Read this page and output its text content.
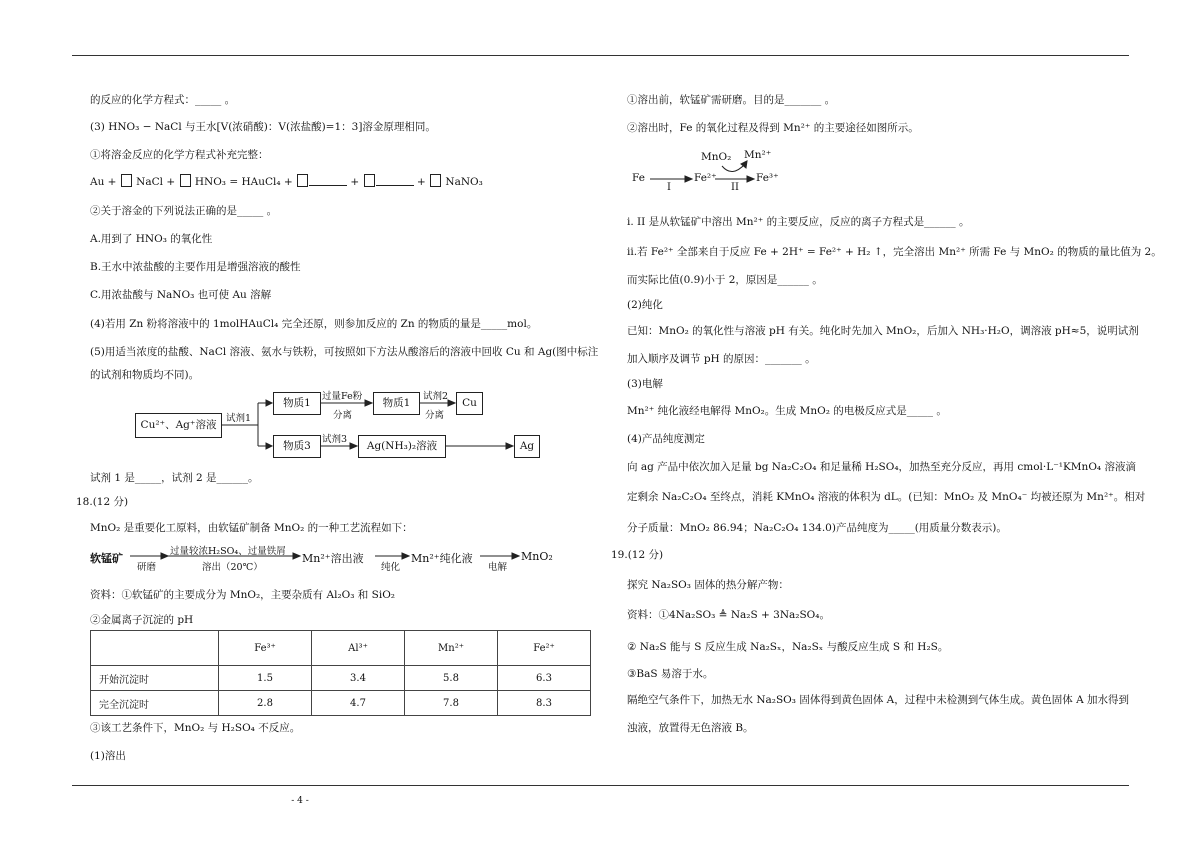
的反应的化学方程式：_____ 。
(3) HNO₃ − NaCl 与王水[V(浓硝酸)：V(浓盐酸)=1：3]溶金原理相同。
①将溶金反应的化学方程式补充完整：
Au + NaCl + HNO₃ = HAuCl₄ +	+	+ NaNO₃
②关于溶金的下列说法正确的是_____ 。
A.用到了 HNO₃ 的氧化性
B.王水中浓盐酸的主要作用是增强溶液的酸性
C.用浓盐酸与 NaNO₃ 也可使 Au 溶解
(4)若用 Zn 粉将溶液中的 1molHAuCl₄ 完全还原，则参加反应的 Zn 的物质的量是_____mol。
(5)用适当浓度的盐酸、NaCl 溶液、氨水与铁粉，可按照如下方法从酸溶后的溶液中回收 Cu 和 Ag(图中标注
的试剂和物质均不同)。
Cu²⁺、Ag⁺溶液
试剂1
物质1
过量Fe粉
分离
物质1
试剂2
分离
Cu
物质3
试剂3
Ag(NH₃)₂溶液	Ag
试剂 1 是_____，试剂 2 是______。
18.(12 分)
MnO₂ 是重要化工原料，由软锰矿制备 MnO₂ 的一种工艺流程如下：
软锰矿
研磨
过量较浓H₂SO₄、过量铁屑
溶出（20℃）
Mn²⁺溶出液
纯化
Mn²⁺纯化液
电解
MnO₂
资料：①软锰矿的主要成分为 MnO₂，主要杂质有 Al₂O₃ 和 SiO₂
②金属离子沉淀的 pH
	Fe³⁺	Al³⁺	Mn²⁺	Fe²⁺
开始沉淀时	1.5	3.4	5.8	6.3
完全沉淀时	2.8	4.7	7.8	8.3
③该工艺条件下，MnO₂ 与 H₂SO₄ 不反应。
(1)溶出
①溶出前，软锰矿需研磨。目的是_______ 。
②溶出时，Fe 的氧化过程及得到 Mn²⁺ 的主要途径如图所示。
MnO₂ Mn²⁺
Fe	Fe²⁺	Fe³⁺
I	II
i. II 是从软锰矿中溶出 Mn²⁺ 的主要反应，反应的离子方程式是______ 。
ii.若 Fe²⁺ 全部来自于反应 Fe + 2H⁺ = Fe²⁺ + H₂ ↑，完全溶出 Mn²⁺ 所需 Fe 与 MnO₂ 的物质的量比值为 2。
而实际比值(0.9)小于 2，原因是______ 。
(2)纯化
已知：MnO₂ 的氧化性与溶液 pH 有关。纯化时先加入 MnO₂，后加入 NH₃·H₂O，调溶液 pH≈5，说明试剂
加入顺序及调节 pH 的原因：_______ 。
(3)电解
Mn²⁺ 纯化液经电解得 MnO₂。生成 MnO₂ 的电极反应式是_____ 。
(4)产品纯度测定
向 ag 产品中依次加入足量 bg Na₂C₂O₄ 和足量稀 H₂SO₄，加热至充分反应，再用 cmol·L⁻¹KMnO₄ 溶液滴
定剩余 Na₂C₂O₄ 至终点，消耗 KMnO₄ 溶液的体积为 dL。(已知：MnO₂ 及 MnO₄⁻ 均被还原为 Mn²⁺。相对
分子质量：MnO₂ 86.94；Na₂C₂O₄ 134.0)产品纯度为_____(用质量分数表示)。
19.(12 分)
探究 Na₂SO₃ 固体的热分解产物：
资料：①4Na₂SO₃ ≜ Na₂S + 3Na₂SO₄。
② Na₂S 能与 S 反应生成 Na₂Sₓ，Na₂Sₓ 与酸反应生成 S 和 H₂S。
③BaS 易溶于水。
隔绝空气条件下，加热无水 Na₂SO₃ 固体得到黄色固体 A，过程中未检测到气体生成。黄色固体 A 加水得到
浊液，放置得无色溶液 B。
- 4 -
